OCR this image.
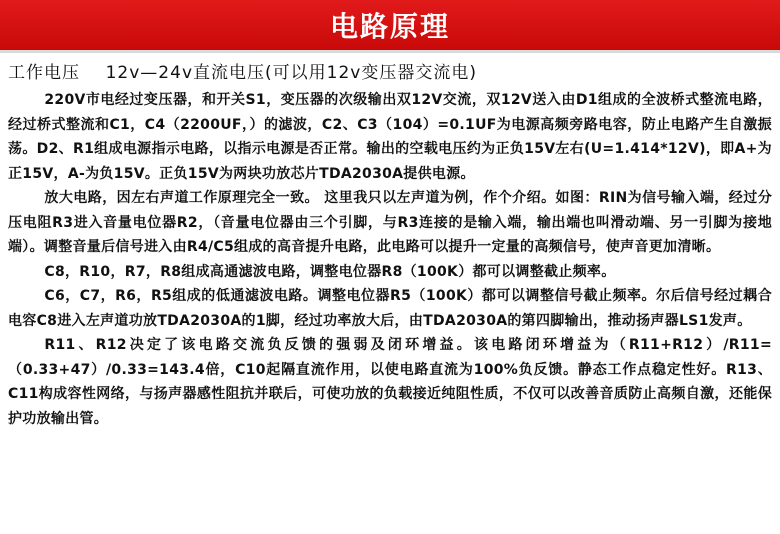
电路原理
工作电压    12v—24v直流电压(可以用12v变压器交流电)

220V市电经过变压器，和开关S1，变压器的次级输出双12V交流，双12V送入由D1组成的全波桥式整流电路，经过桥式整流和C1，C4（2200UF，）的滤波，C2、C3（104）=0.1UF为电源高频旁路电容，防止电路产生自激振荡。D2、R1组成电源指示电路，以指示电源是否正常。输出的空载电压约为正负15V左右(U=1.414*12V)，即A+为正15V，A-为负15V。正负15V为两块功放芯片TDA2030A提供电源。

放大电路，因左右声道工作原理完全一致。 这里我只以左声道为例，作个介绍。如图：RIN为信号输入端，经过分压电阻R3进入音量电位器R2，（音量电位器由三个引脚，与R3连接的是输入端，输出端也叫滑动端、另一引脚为接地端）。调整音量后信号进入由R4/C5组成的高音提升电路，此电路可以提升一定量的高频信号，使声音更加清晰。

C8，R10，R7，R8组成高通滤波电路，调整电位器R8（100K）都可以调整截止频率。

C6，C7，R6，R5组成的低通滤波电路。调整电位器R5（100K）都可以调整信号截止频率。尔后信号经过耦合电容C8进入左声道功放TDA2030A的1脚，经过功率放大后，由TDA2030A的第四脚输出，推动扬声器LS1发声。

R11、R12决定了该电路交流负反馈的强弱及闭环增益。该电路闭环增益为（R11+R12）/R11=（0.33+47）/0.33=143.4倍，C10起隔直流作用，以使电路直流为100%负反馈。静态工作点稳定性好。R13、C11构成容性网络，与扬声器感性阻抗并联后，可使功放的负载接近纯阻性质，不仅可以改善音质防止高频自激，还能保护功放输出管。
